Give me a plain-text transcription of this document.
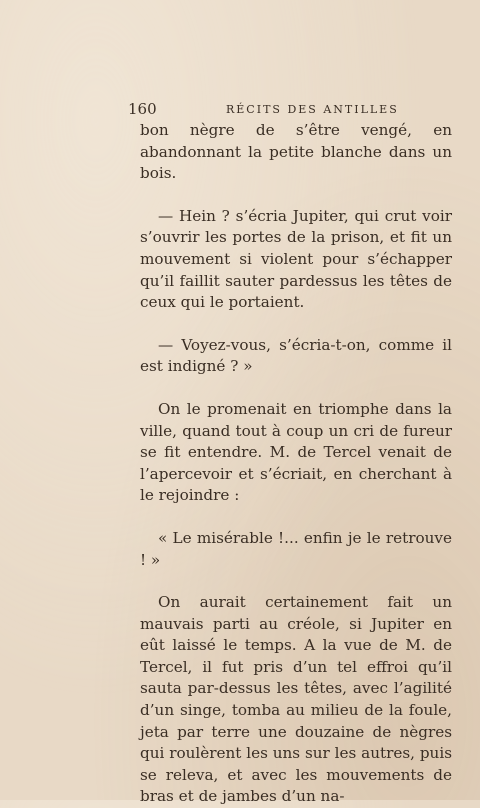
160	RÉCITS DES ANTILLES

bon nègre de s’être vengé, en abandonnant la petite blanche dans un bois.

— Hein ? s’écria Jupiter, qui crut voir s’ouvrir les portes de la prison, et fit un mouvement si violent pour s’échapper qu’il faillit sauter pardessus les têtes de ceux qui le portaient.

— Voyez-vous, s’écria-t-on, comme il est indigné ? »

On le promenait en triomphe dans la ville, quand tout à coup un cri de fureur se fit entendre. M. de Tercel venait de l’apercevoir et s’écriait, en cherchant à le rejoindre :

« Le misérable !... enfin je le retrouve ! »

On aurait certainement fait un mauvais parti au créole, si Jupiter en eût laissé le temps. A la vue de M. de Tercel, il fut pris d’un tel effroi qu’il sauta par-dessus les têtes, avec l’agilité d’un singe, tomba au milieu de la foule, jeta par terre une douzaine de nègres qui roulèrent les uns sur les autres, puis se releva, et avec les mouvements de bras et de jambes d’un na-
